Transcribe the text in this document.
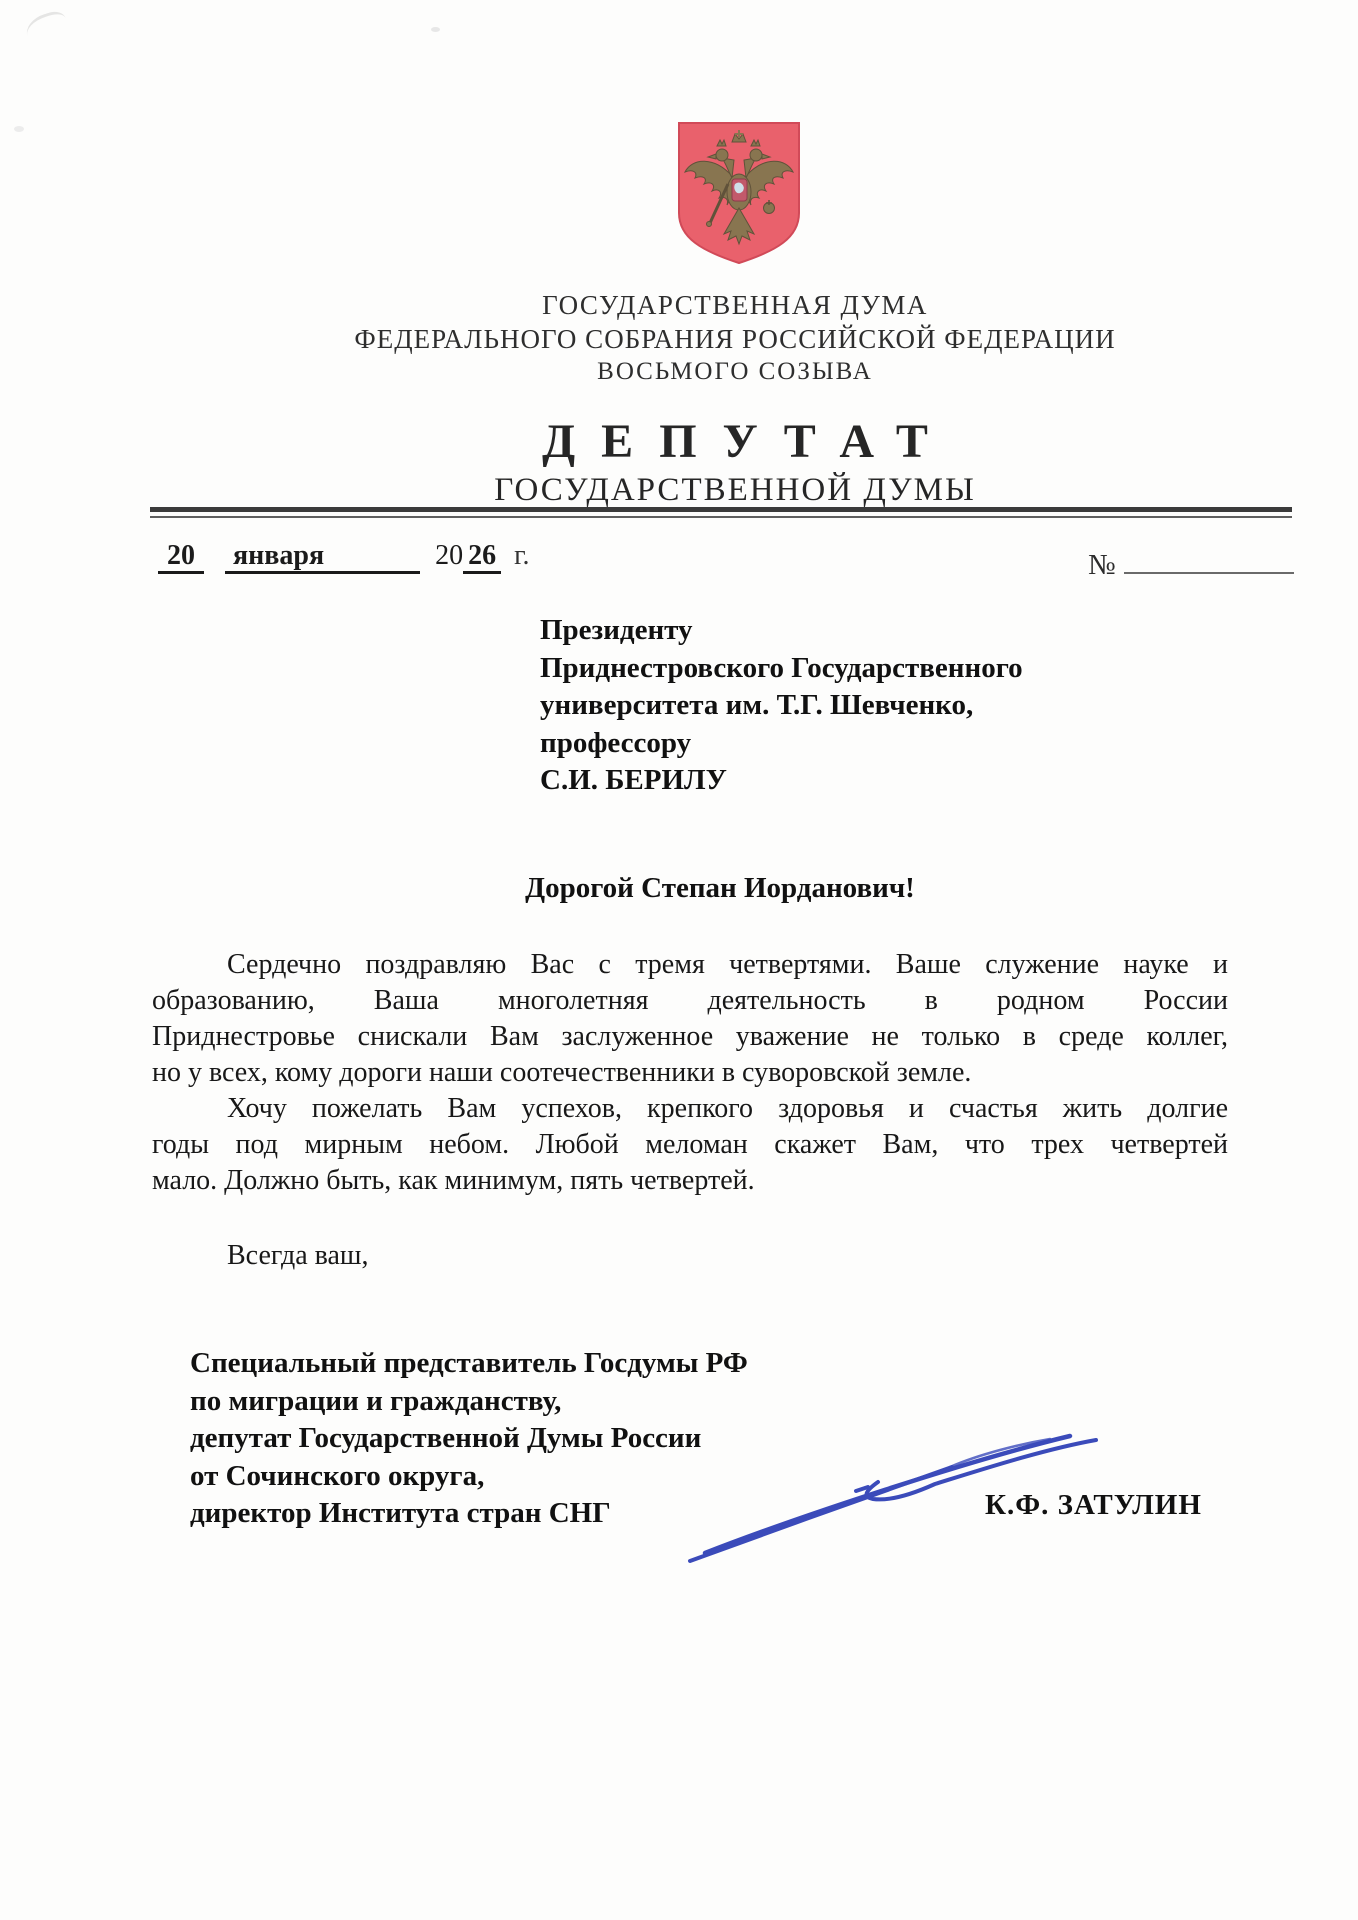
ГОСУДАРСТВЕННАЯ ДУМА
ФЕДЕРАЛЬНОГО СОБРАНИЯ РОССИЙСКОЙ ФЕДЕРАЦИИ
ВОСЬМОГО СОЗЫВА
ДЕПУТАТ
ГОСУДАРСТВЕННОЙ ДУМЫ
20 января	20 26 г.	№
Президенту
Приднестровского Государственного
университета им. Т.Г. Шевченко,
профессору
С.И. БЕРИЛУ
Дорогой Степан Иорданович!
Сердечно поздравляю Вас с тремя четвертями. Ваше служение науке и
образованию, Ваша многолетняя деятельность в родном России
Приднестровье снискали Вам заслуженное уважение не только в среде коллег,
но у всех, кому дороги наши соотечественники в суворовской земле.
Хочу пожелать Вам успехов, крепкого здоровья и счастья жить долгие
годы под мирным небом. Любой меломан скажет Вам, что трех четвертей
мало. Должно быть, как минимум, пять четвертей.
Всегда ваш,
Специальный представитель Госдумы РФ
по миграции и гражданству,
депутат Государственной Думы России
от Сочинского округа,
директор Института стран СНГ	К.Ф. ЗАТУЛИН
